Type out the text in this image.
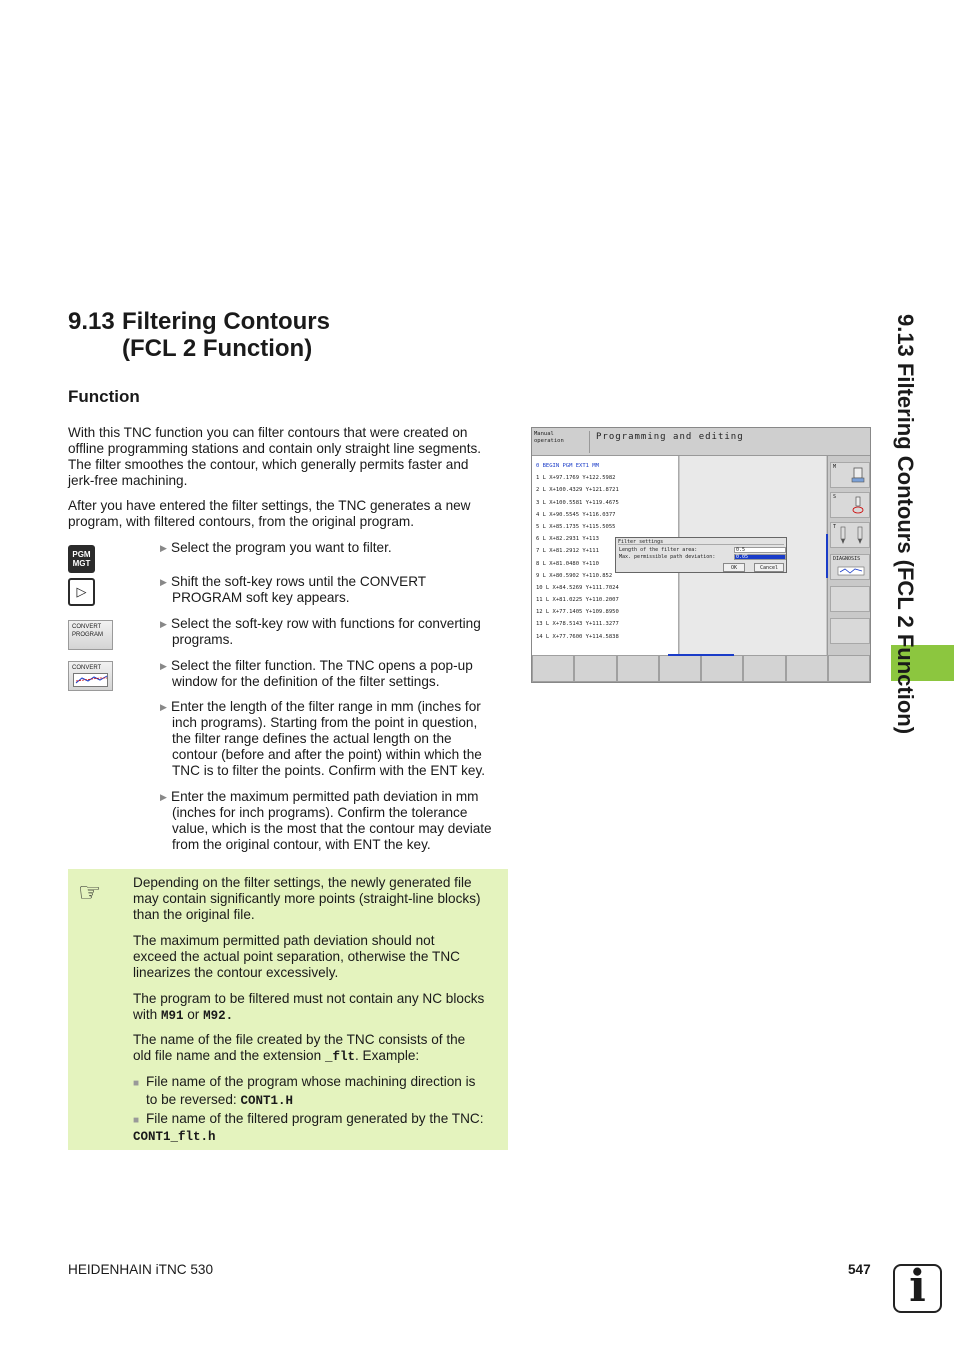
9.13 Filtering Contours
(FCL 2 Function)
Function
With this TNC function you can filter contours that were created on
offline programming stations and contain only straight line segments.
The filter smoothes the contour, which generally permits faster and
jerk-free machining.
After you have entered the filter settings, the TNC generates a new
program, with filtered contours, from the original program.
PGM
MGT
▷
CONVERT
PROGRAM
CONVERT
▶ Select the program you want to filter.
▶ Shift the soft-key rows until the CONVERT
PROGRAM soft key appears.
▶ Select the soft-key row with functions for converting
programs.
▶ Select the filter function. The TNC opens a pop-up
window for the definition of the filter settings.
▶ Enter the length of the filter range in mm (inches for
inch programs). Starting from the point in question,
the filter range defines the actual length on the
contour (before and after the point) within which the
TNC is to filter the points. Confirm with the ENT key.
▶ Enter the maximum permitted path deviation in mm
(inches for inch programs). Confirm the tolerance
value, which is the most that the contour may deviate
from the original contour, with ENT the key.
Manual
operation	Programming and editing
0 BEGIN PGM EXT1 MM
1 L X+97.1769 Y+122.5982
2 L X+100.4329 Y+121.8721
3 L X+100.5581 Y+119.4675
4 L X+90.5545 Y+116.0377
5 L X+85.1735 Y+115.5055
6 L X+82.2931 Y+113
7 L X+81.2912 Y+111
8 L X+81.0480 Y+110
9 L X+80.5902 Y+110.852
10 L X+84.5269 Y+111.7024
11 L X+81.0225 Y+110.2007
12 L X+77.1405 Y+109.8950
13 L X+78.5143 Y+111.3277
14 L X+77.7600 Y+114.5838
M
S
T
DIAGNOSIS
Filter settings
Length of the filter area:	0.5
Max. permissible path deviation:	0.05
OK	Cancel
☞ Depending on the filter settings, the newly generated file
may contain significantly more points (straight-line blocks)
than the original file.
The maximum permitted path deviation should not
exceed the actual point separation, otherwise the TNC
linearizes the contour excessively.
The program to be filtered must not contain any NC blocks
with M91 or M92.
The name of the file created by the TNC consists of the
old file name and the extension _flt. Example:
■ File name of the program whose machining direction is
to be reversed: CONT1.H
■ File name of the filtered program generated by the TNC:
CONT1_flt.h
9.13 Filtering Contours (FCL 2 Function)
HEIDENHAIN iTNC 530	547 i
